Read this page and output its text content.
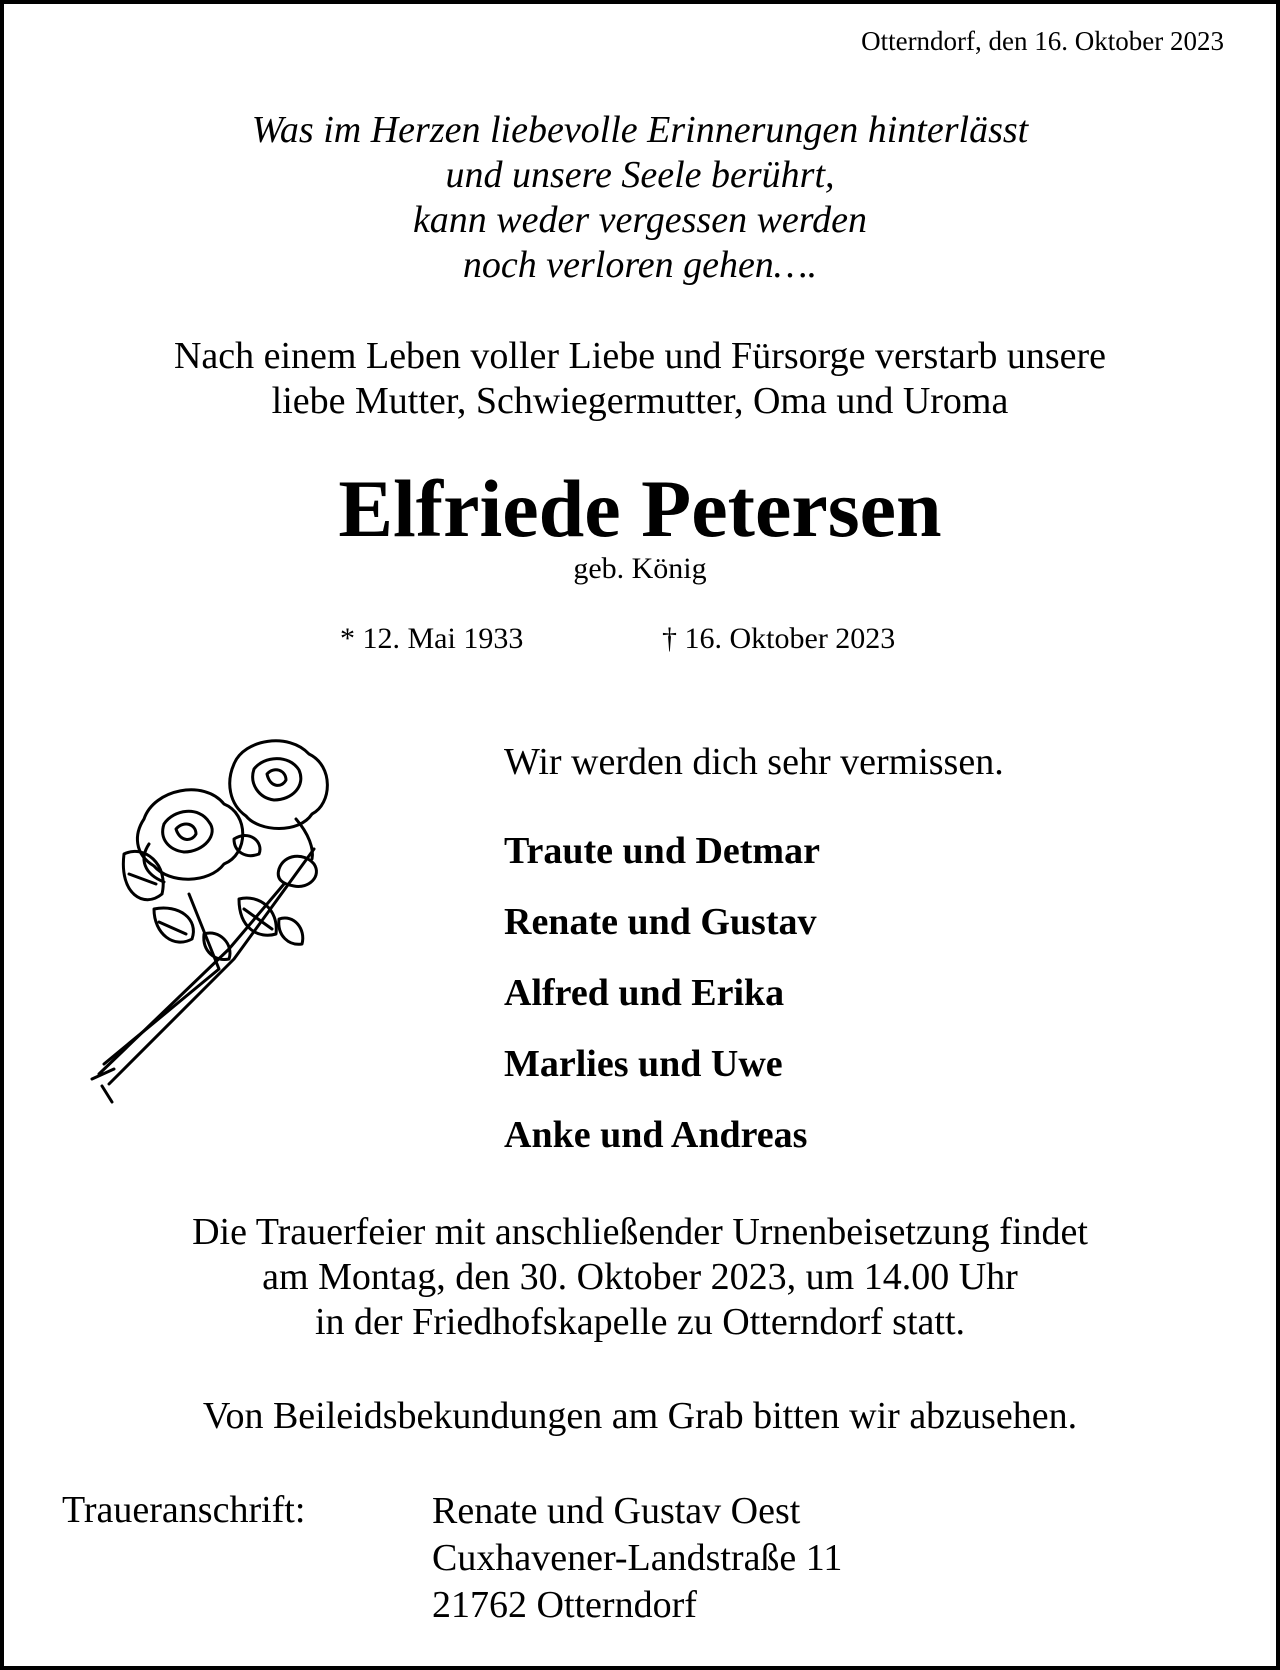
Otterndorf, den 16. Oktober 2023
Was im Herzen liebevolle Erinnerungen hinterlässt
und unsere Seele berührt,
kann weder vergessen werden
noch verloren gehen….
Nach einem Leben voller Liebe und Fürsorge verstarb unsere
liebe Mutter, Schwiegermutter, Oma und Uroma
Elfriede Petersen
geb. König
* 12. Mai 1933	† 16. Oktober 2023
Wir werden dich sehr vermissen.
Traute und Detmar
Renate und Gustav
Alfred und Erika
Marlies und Uwe
Anke und Andreas
Die Trauerfeier mit anschließender Urnenbeisetzung findet
am Montag, den 30. Oktober 2023, um 14.00 Uhr
in der Friedhofskapelle zu Otterndorf statt.
Von Beileidsbekundungen am Grab bitten wir abzusehen.
Traueranschrift:	Renate und Gustav Oest
Cuxhavener-Landstraße 11
21762 Otterndorf
